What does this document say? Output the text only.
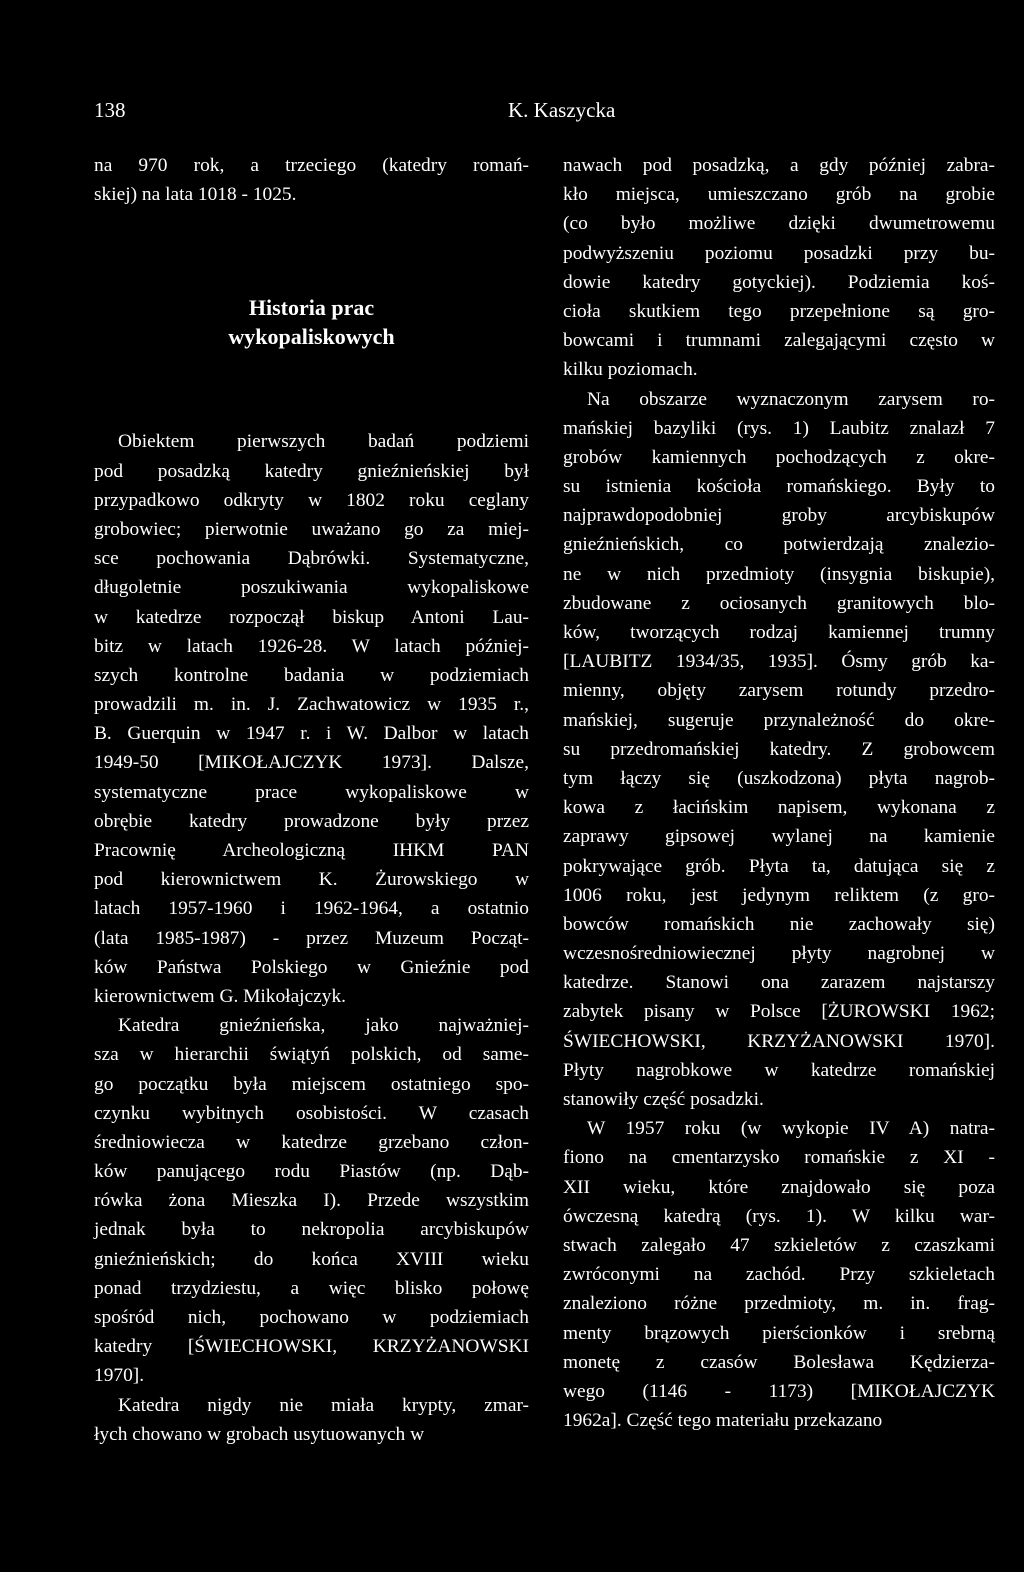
138	K. Kaszycka
na 970 rok, a trzeciego (katedry romań-
skiej) na lata 1018 - 1025.
Historia prac
wykopaliskowych
Obiektem pierwszych badań podziemi
pod posadzką katedry gnieźnieńskiej był
przypadkowo odkryty w 1802 roku ceglany
grobowiec; pierwotnie uważano go za miej-
sce pochowania Dąbrówki. Systematyczne,
długoletnie poszukiwania wykopaliskowe
w katedrze rozpoczął biskup Antoni Lau-
bitz w latach 1926-28. W latach później-
szych kontrolne badania w podziemiach
prowadzili m. in. J. Zachwatowicz w 1935 r.,
B. Guerquin w 1947 r. i W. Dalbor w latach
1949-50 [MIKOŁAJCZYK 1973]. Dalsze,
systematyczne prace wykopaliskowe w
obrębie katedry prowadzone były przez
Pracownię Archeologiczną IHKM PAN
pod kierownictwem K. Żurowskiego w
latach 1957-1960 i 1962-1964, a ostatnio
(lata 1985-1987) - przez Muzeum Począt-
ków Państwa Polskiego w Gnieźnie pod
kierownictwem G. Mikołajczyk.
Katedra gnieźnieńska, jako najważniej-
sza w hierarchii świątyń polskich, od same-
go początku była miejscem ostatniego spo-
czynku wybitnych osobistości. W czasach
średniowiecza w katedrze grzebano człon-
ków panującego rodu Piastów (np. Dąb-
rówka żona Mieszka I). Przede wszystkim
jednak była to nekropolia arcybiskupów
gnieźnieńskich; do końca XVIII wieku
ponad trzydziestu, a więc blisko połowę
spośród nich, pochowano w podziemiach
katedry [ŚWIECHOWSKI, KRZYŻANOWSKI
1970].
Katedra nigdy nie miała krypty, zmar-
łych chowano w grobach usytuowanych w
nawach pod posadzką, a gdy później zabra-
kło miejsca, umieszczano grób na grobie
(co było możliwe dzięki dwumetrowemu
podwyższeniu poziomu posadzki przy bu-
dowie katedry gotyckiej). Podziemia koś-
cioła skutkiem tego przepełnione są gro-
bowcami i trumnami zalegającymi często w
kilku poziomach.
Na obszarze wyznaczonym zarysem ro-
mańskiej bazyliki (rys. 1) Laubitz znalazł 7
grobów kamiennych pochodzących z okre-
su istnienia kościoła romańskiego. Były to
najprawdopodobniej groby arcybiskupów
gnieźnieńskich, co potwierdzają znalezio-
ne w nich przedmioty (insygnia biskupie),
zbudowane z ociosanych granitowych blo-
ków, tworzących rodzaj kamiennej trumny
[LAUBITZ 1934/35, 1935]. Ósmy grób ka-
mienny, objęty zarysem rotundy przedro-
mańskiej, sugeruje przynależność do okre-
su przedromańskiej katedry. Z grobowcem
tym łączy się (uszkodzona) płyta nagrob-
kowa z łacińskim napisem, wykonana z
zaprawy gipsowej wylanej na kamienie
pokrywające grób. Płyta ta, datująca się z
1006 roku, jest jedynym reliktem (z gro-
bowców romańskich nie zachowały się)
wczesnośredniowiecznej płyty nagrobnej w
katedrze. Stanowi ona zarazem najstarszy
zabytek pisany w Polsce [ŻUROWSKI 1962;
ŚWIECHOWSKI, KRZYŻANOWSKI 1970].
Płyty nagrobkowe w katedrze romańskiej
stanowiły część posadzki.
W 1957 roku (w wykopie IV A) natra-
fiono na cmentarzysko romańskie z XI -
XII wieku, które znajdowało się poza
ówczesną katedrą (rys. 1). W kilku war-
stwach zalegało 47 szkieletów z czaszkami
zwróconymi na zachód. Przy szkieletach
znaleziono różne przedmioty, m. in. frag-
menty brązowych pierścionków i srebrną
monetę z czasów Bolesława Kędzierza-
wego (1146 - 1173) [MIKOŁAJCZYK
1962a]. Część tego materiału przekazano
